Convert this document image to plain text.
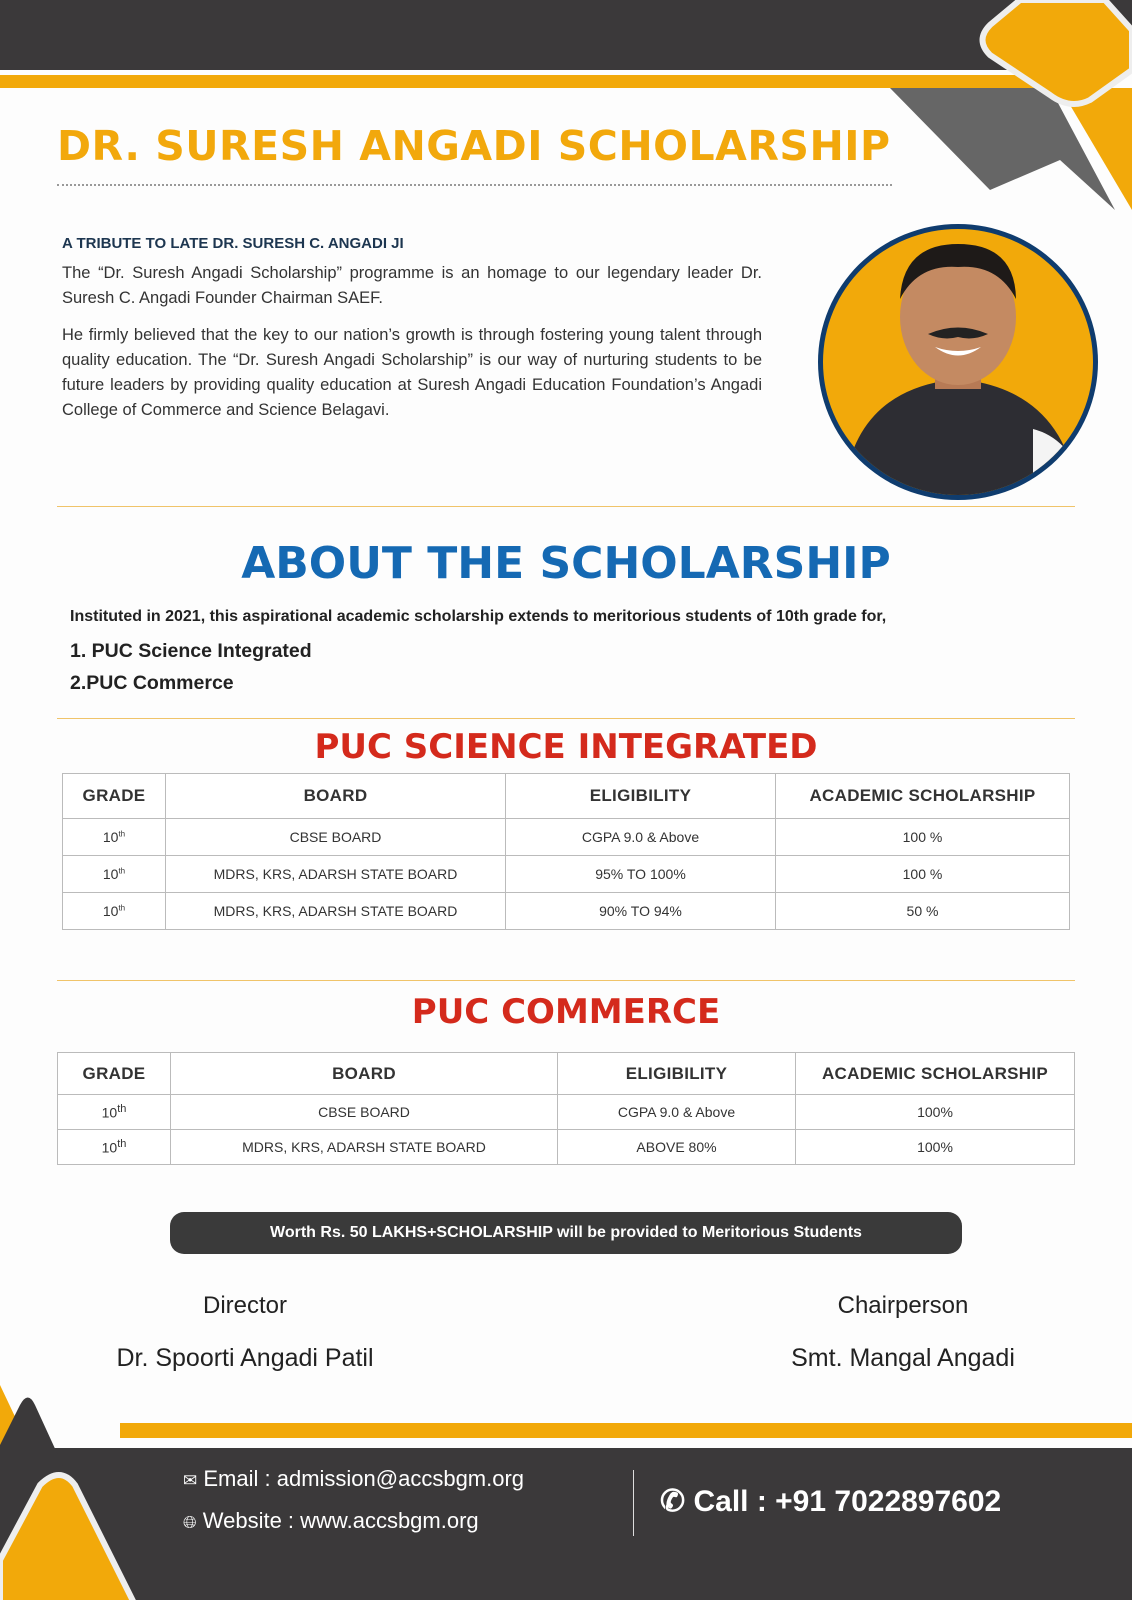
DR. SURESH ANGADI SCHOLARSHIP
A TRIBUTE TO LATE DR. SURESH C. ANGADI JI
The “Dr. Suresh Angadi Scholarship” programme is an homage to our legendary leader Dr. Suresh C. Angadi Founder Chairman SAEF.
He firmly believed that the key to our nation’s growth is through fostering young talent through quality education. The “Dr. Suresh Angadi Scholarship” is our way of nurturing students to be future leaders by providing quality education at Suresh Angadi Education Foundation’s Angadi College of Commerce and Science Belagavi.
ABOUT THE SCHOLARSHIP
Instituted in 2021, this aspirational academic scholarship extends to meritorious students of 10th grade for,
1. PUC Science Integrated
2.PUC Commerce
PUC SCIENCE INTEGRATED
GRADE	BOARD	ELIGIBILITY	ACADEMIC SCHOLARSHIP
10th	CBSE BOARD	CGPA 9.0 & Above	100 %
10th	MDRS, KRS, ADARSH STATE BOARD	95% TO 100%	100 %
10th	MDRS, KRS, ADARSH STATE BOARD	90% TO 94%	50 %
PUC COMMERCE
GRADE	BOARD	ELIGIBILITY	ACADEMIC SCHOLARSHIP
10th	CBSE BOARD	CGPA 9.0 & Above	100%
10th	MDRS, KRS, ADARSH STATE BOARD	ABOVE 80%	100%
Worth Rs. 50 LAKHS+SCHOLARSHIP will be provided to Meritorious Students
Director
Dr. Spoorti Angadi Patil
Chairperson
Smt. Mangal Angadi
✉ Email : admission@accsbgm.org
🌐︎ Website : www.accsbgm.org
✆ Call : +91 7022897602
